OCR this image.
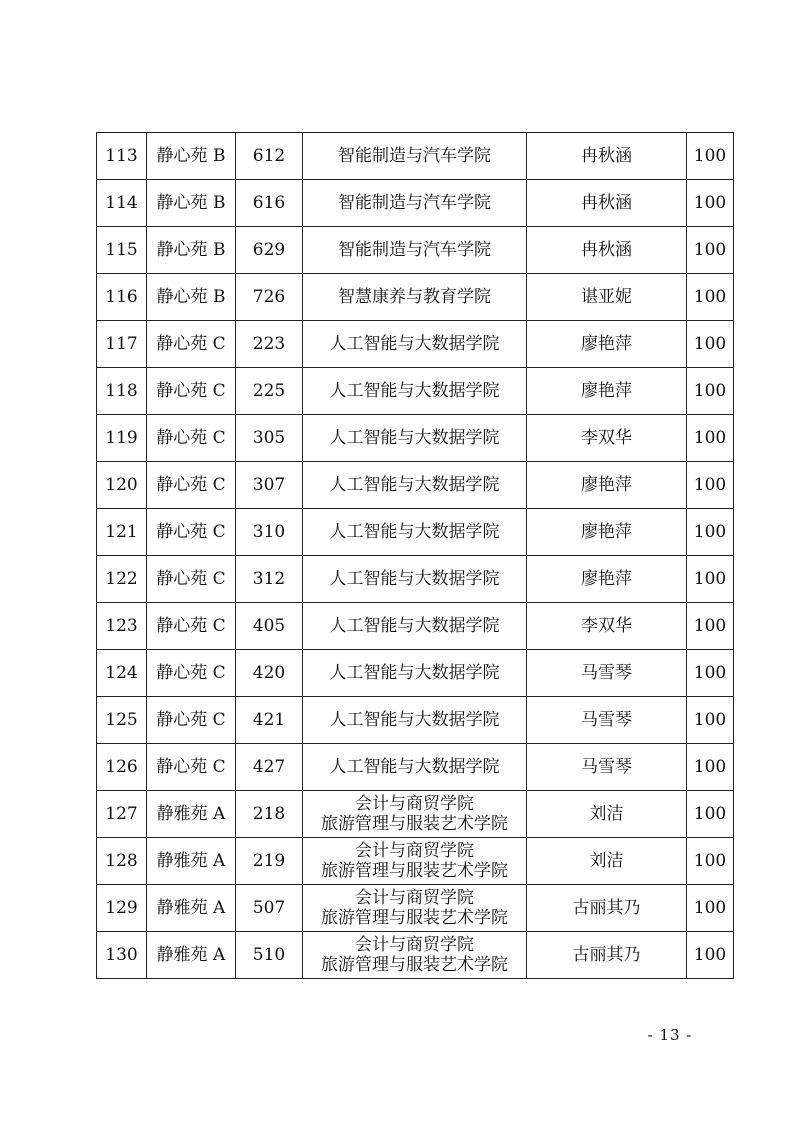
113	静心苑 B	612	智能制造与汽车学院	冉秋涵	100
114	静心苑 B	616	智能制造与汽车学院	冉秋涵	100
115	静心苑 B	629	智能制造与汽车学院	冉秋涵	100
116	静心苑 B	726	智慧康养与教育学院	谌亚妮	100
117	静心苑 C	223	人工智能与大数据学院	廖艳萍	100
118	静心苑 C	225	人工智能与大数据学院	廖艳萍	100
119	静心苑 C	305	人工智能与大数据学院	李双华	100
120	静心苑 C	307	人工智能与大数据学院	廖艳萍	100
121	静心苑 C	310	人工智能与大数据学院	廖艳萍	100
122	静心苑 C	312	人工智能与大数据学院	廖艳萍	100
123	静心苑 C	405	人工智能与大数据学院	李双华	100
124	静心苑 C	420	人工智能与大数据学院	马雪琴	100
125	静心苑 C	421	人工智能与大数据学院	马雪琴	100
126	静心苑 C	427	人工智能与大数据学院	马雪琴	100
127	静雅苑 A	218	会计与商贸学院
旅游管理与服装艺术学院	刘洁	100
128	静雅苑 A	219	会计与商贸学院
旅游管理与服装艺术学院	刘洁	100
129	静雅苑 A	507	会计与商贸学院
旅游管理与服装艺术学院	古丽其乃	100
130	静雅苑 A	510	会计与商贸学院
旅游管理与服装艺术学院	古丽其乃	100
- 13 -
